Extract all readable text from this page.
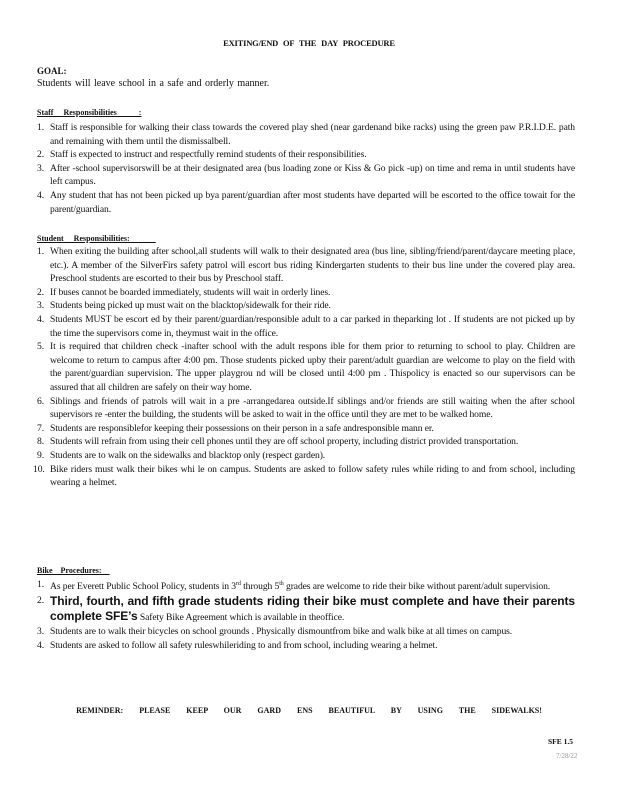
EXITING/END OF THE DAY PROCEDURE
GOAL:
Students will leave school in a safe and orderly manner.
Staff     Responsibilities           :
1. Staff is responsible for walking their class towards the covered play shed (near gardenand bike racks) using the green paw P.R.I.D.E. path and remaining with them until the dismissalbell.
2. Staff is expected to instruct and respectfully remind students of their responsibilities.
3. After -school supervisorswill be at their designated area (bus loading zone or Kiss & Go pick -up) on time and rema in until students have left campus.
4. Any student that has not been picked up bya parent/guardian after most students have departed will be escorted to the office towait for the parent/guardian.
Student     Responsibilities:
1. When exiting the building after school,all students will walk to their designated area (bus line, sibling/friend/parent/daycare meeting place, etc.). A member of the SilverFirs safety patrol will escort bus riding Kindergarten students to their bus line under the covered play area. Preschool students are escorted to their bus by Preschool staff.
2. If buses cannot be boarded immediately, students will wait in orderly lines.
3. Students being picked up must wait on the blacktop/sidewalk for their ride.
4. Students MUST be escort ed by their parent/guardian/responsible adult to a car parked in theparking lot . If students are not picked up by the time the supervisors come in, theymust wait in the office.
5. It is required that children check -inafter school with the adult respons ible for them prior to returning to school to play. Children are welcome to return to campus after 4:00 pm. Those students picked upby their parent/adult guardian are welcome to play on the field with the parent/guardian supervision. The upper playgrou nd will be closed until 4:00 pm . Thispolicy is enacted so our supervisors can be assured that all children are safely on their way home.
6. Siblings and friends of patrols will wait in a pre -arrangedarea outside.If siblings and/or friends are still waiting when the after school supervisors re -enter the building, the students will be asked to wait in the office until they are met to be walked home.
7. Students are responsiblefor keeping their possessions on their person in a safe andresponsible mann er.
8. Students will refrain from using their cell phones until they are off school property, including district provided transportation.
9. Students are to walk on the sidewalks and blacktop only (respect garden).
10. Bike riders must walk their bikes whi le on campus. Students are asked to follow safety rules while riding to and from school, including wearing a helmet.
Bike    Procedures:
1. As per Everett Public School Policy, students in 3rd through 5th grades are welcome to ride their bike without parent/adult supervision.
2. Third, fourth, and fifth grade students riding their bike must complete and have their parents complete SFE’s Safety Bike Agreement which is available in theoffice.
3. Students are to walk their bicycles on school grounds . Physically dismountfrom bike and walk bike at all times on campus.
4. Students are asked to follow all safety ruleswhileriding to and from school, including wearing a helmet.
REMINDER: PLEASE KEEP OUR GARD ENS BEAUTIFUL BY USING THE SIDEWALKS!
SFE 1.5
7/28/22
